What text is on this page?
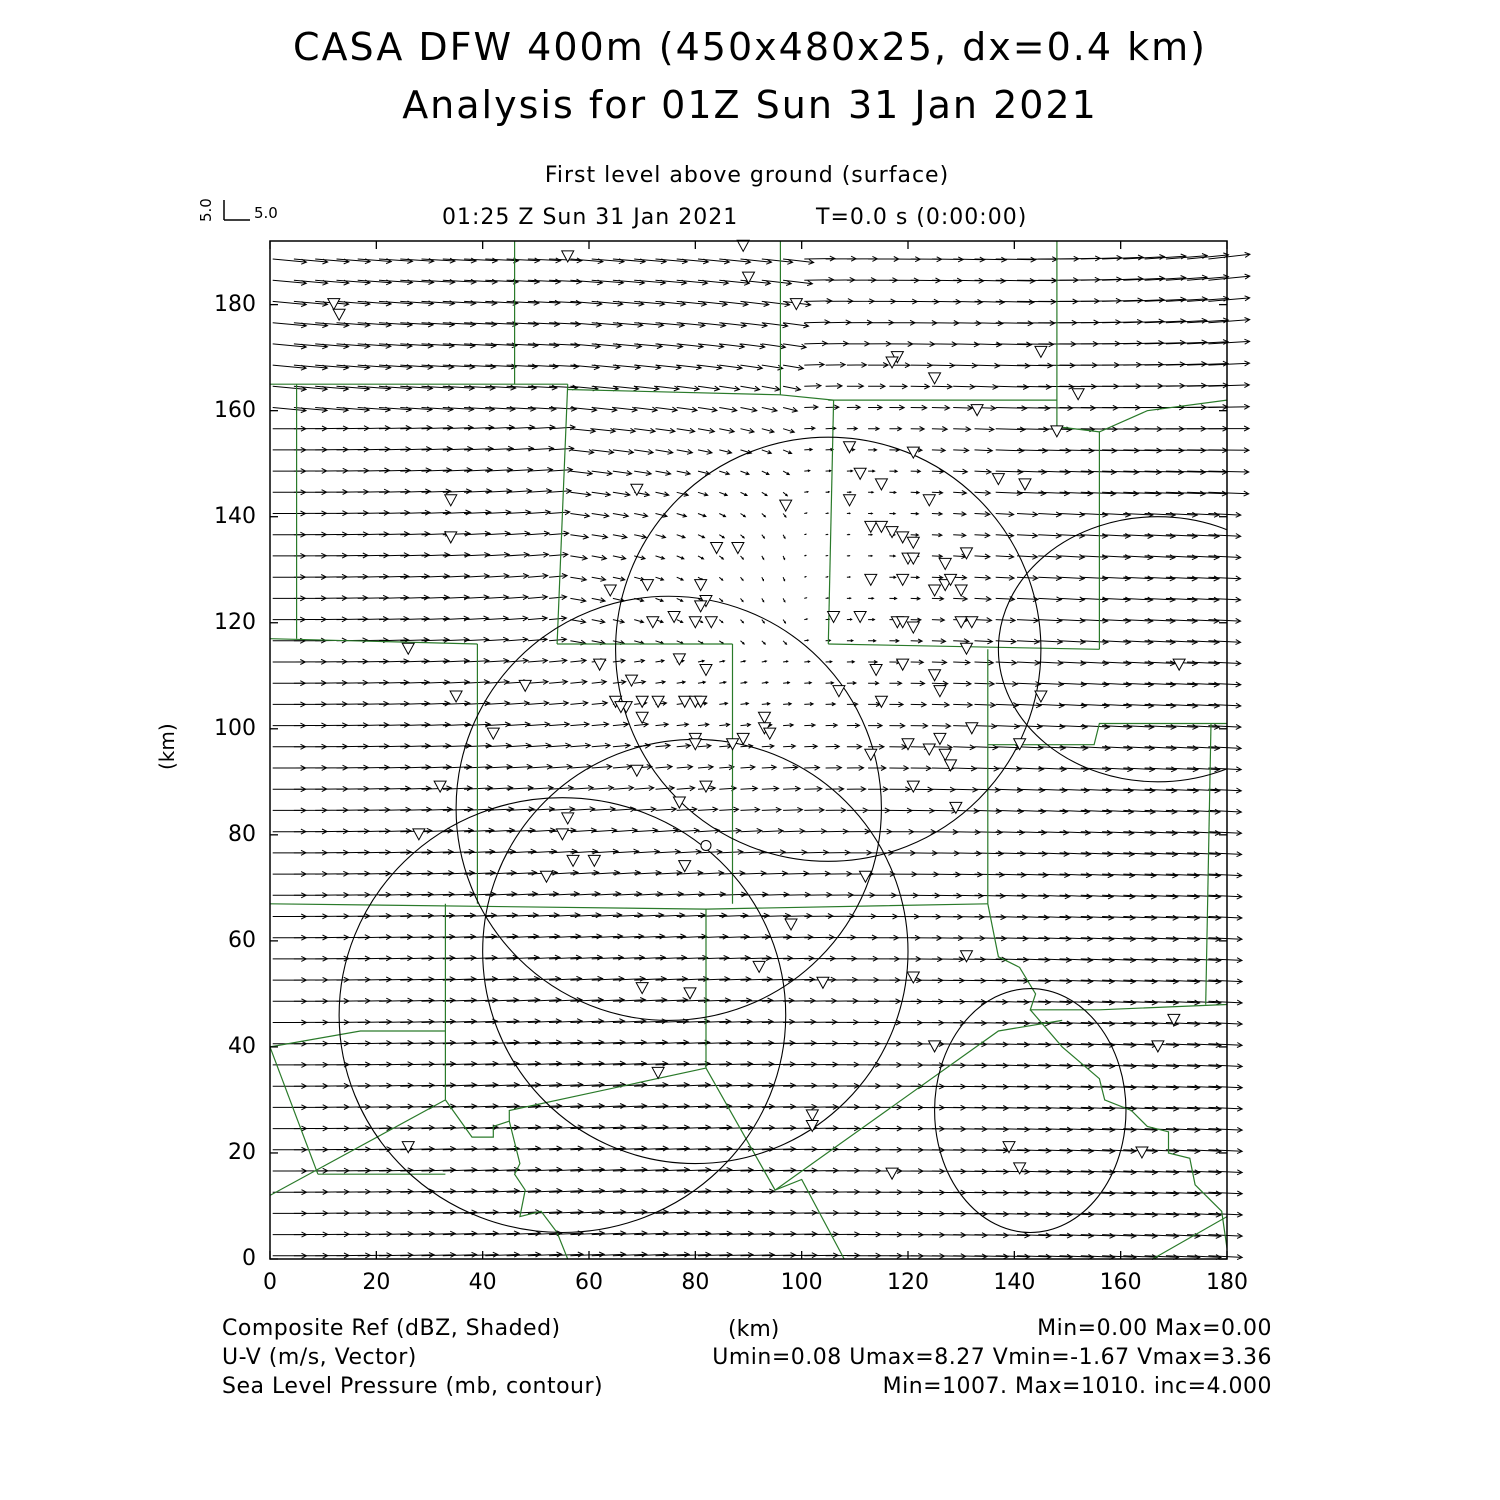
CASA DFW 400m (450x480x25, dx=0.4 km)
Analysis for 01Z Sun 31 Jan 2021
First level above ground (surface)
01:25 Z Sun 31 Jan 2021	T=0.0 s (0:00:00)
5.0	5.0
(km)
(km)
0	20	40	60	80	100	120	140	160	180
0
20
40
60
80
100
120
140
160
180
Composite Ref (dBZ, Shaded)
U-V (m/s, Vector)
Sea Level Pressure (mb, contour)
Min=0.00 Max=0.00
Umin=0.08 Umax=8.27 Vmin=-1.67 Vmax=3.36
Min=1007. Max=1010. inc=4.000
